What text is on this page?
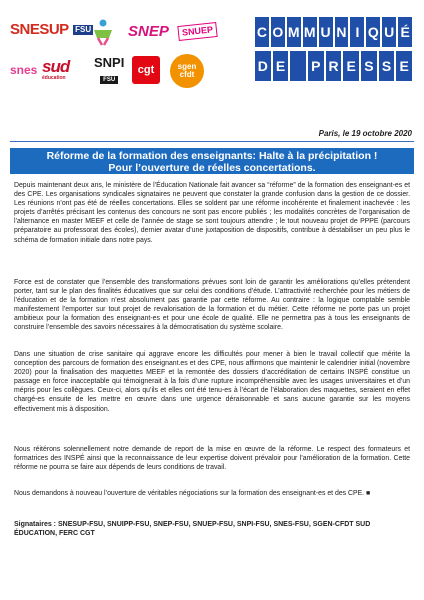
SNESUP FSU SNEP	SNUEP
snes sud
éducation
SNPI
FSU
cgt	sgen
cfdt
C O M M U N I Q U É
D E P R E S S E
Paris, le 19 octobre 2020
Réforme de la formation des enseignants: Halte à la précipitation !
Pour l’ouverture de réelles concertations.
Depuis maintenant deux ans, le ministère de l’Éducation Nationale fait avancer sa “réforme” de la formation des enseignant-es et des CPE. Les organisations syndicales signataires ne peuvent que constater la grande confusion dans la gestion de ce dossier. Les réunions n’ont pas été de réelles concertations. Elles se soldent par une réforme incohérente et finalement inachevée : les projets d’arrêtés précisant les contenus des concours ne sont pas encore publiés ; les modalités concrètes de l’organisation de l’alternance en master MEEF et celle de l’année de stage se sont toujours attendre ; le tout nouveau projet de PPPE (parcours préparatoire au professorat des écoles), dernier avatar d’une juxtaposition de dispositifs, contribue à déstabiliser un peu plus le schéma de formation initiale dans notre pays.
Force est de constater que l’ensemble des transformations prévues sont loin de garantir les améliorations qu’elles prétendent porter, tant sur le plan des finalités éducatives que sur celui des conditions d’étude. L’attractivité recherchée pour les métiers de l’éducation et de la formation n’est absolument pas garantie par cette réforme. Au contraire : la logique comptable semble manifestement l’emporter sur tout projet de revalorisation de la formation et du métier. Cette réforme ne porte pas un projet ambitieux pour la formation des enseignant-es et pour une école de qualité. Elle ne permettra pas à tous les enseignants de construire l’ensemble des savoirs nécessaires à la démocratisation du système scolaire.
Dans une situation de crise sanitaire qui aggrave encore les difficultés pour mener à bien le travail collectif que mérite la conception des parcours de formation des enseignant.es et des CPE, nous affirmons que maintenir le calendrier initial (novembre 2020) pour la finalisation des maquettes MEEF et la remontée des dossiers d’accréditation de certains INSPÉ constitue un passage en force inacceptable qui témoignerait à la fois d’une rupture incompréhensible avec les usages universitaires et d’un mépris pour les collègues. Ceux-ci, alors qu’ils et elles ont été tenu-es à l’écart de l’élaboration des maquettes, seraient en effet chargé-es ensuite de les mettre en œuvre dans une urgence déraisonnable et sans aucune garantie sur les moyens effectivement mis à disposition.
Nous réitérons solennellement notre demande de report de la mise en œuvre de la réforme. Le respect des formateurs et formatrices des INSPÉ ainsi que la reconnaissance de leur expertise doivent prévaloir pour l’amélioration de la formation. Cette réforme ne pourra se faire aux dépends de leurs conditions de travail.
Nous demandons à nouveau l’ouverture de véritables négociations sur la formation des enseignant-es et des CPE. ■
Signataires : SNESUP-FSU, SNUIPP-FSU, SNEP-FSU, SNUEP-FSU, SNPI-FSU, SNES-FSU, SGEN-CFDT SUD ÉDUCATION, FERC CGT
